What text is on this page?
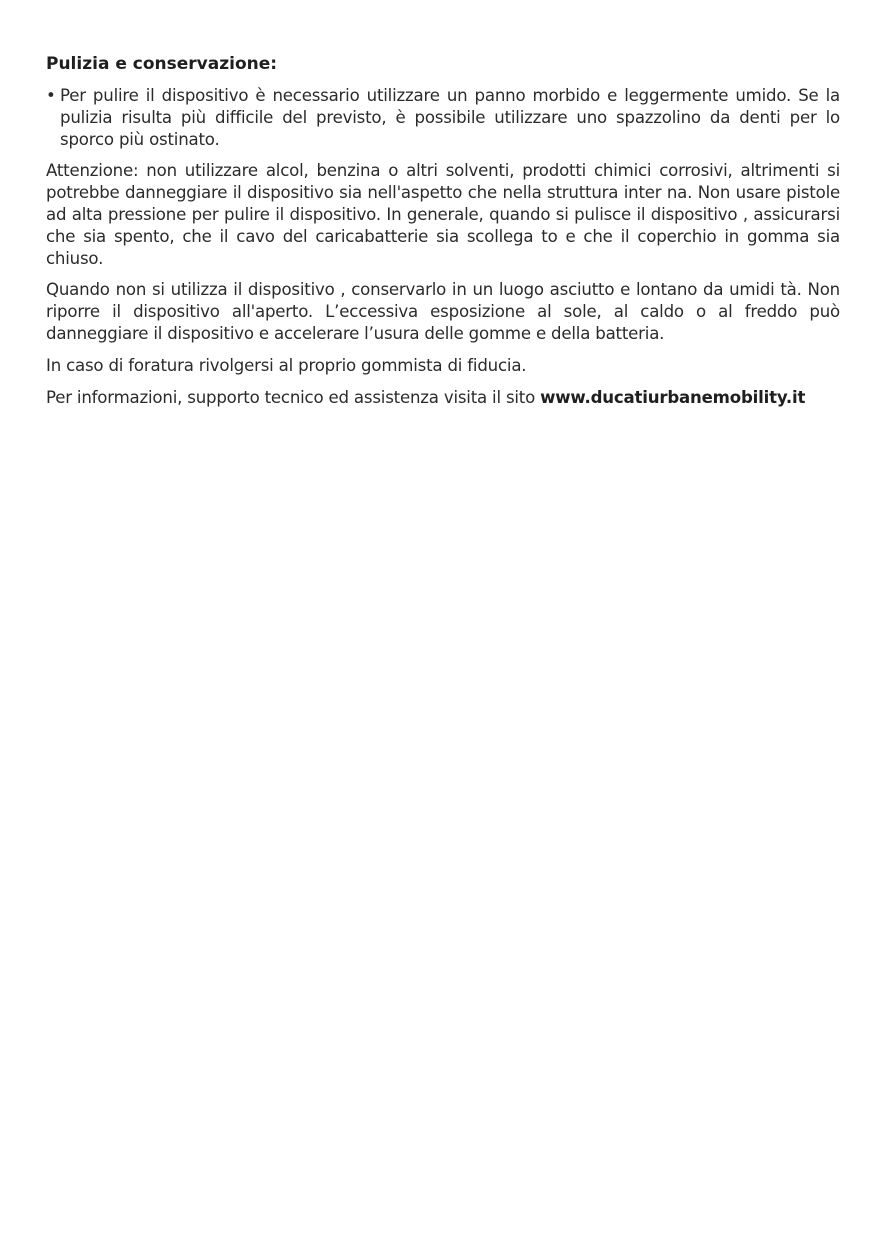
Pulizia e conservazione:
• Per pulire il dispositivo è necessario utilizzare un panno morbido e leggermente umido. Se la pulizia risulta più difficile del previsto, è possibile utilizzare uno spazzolino da denti per lo sporco più ostinato.

Attenzione: non utilizzare alcol, benzina o altri solventi, prodotti chimici corrosivi, altrimenti si potrebbe danneggiare il dispositivo sia nell'aspetto che nella struttura inter na. Non usare pistole ad alta pressione per pulire il dispositivo. In generale, quando si pulisce il dispositivo , assicurarsi che sia spento, che il cavo del caricabatterie sia scollega to e che il coperchio in gomma sia chiuso.

Quando non si utilizza il dispositivo , conservarlo in un luogo asciutto e lontano da umidi tà. Non riporre il dispositivo all'aperto. L’eccessiva esposizione al sole, al caldo o al freddo può danneggiare il dispositivo e accelerare l’usura delle gomme e della batteria.

In caso di foratura rivolgersi al proprio gommista di fiducia.

Per informazioni, supporto tecnico ed assistenza visita il sito www.ducatiurbanemobility.it
